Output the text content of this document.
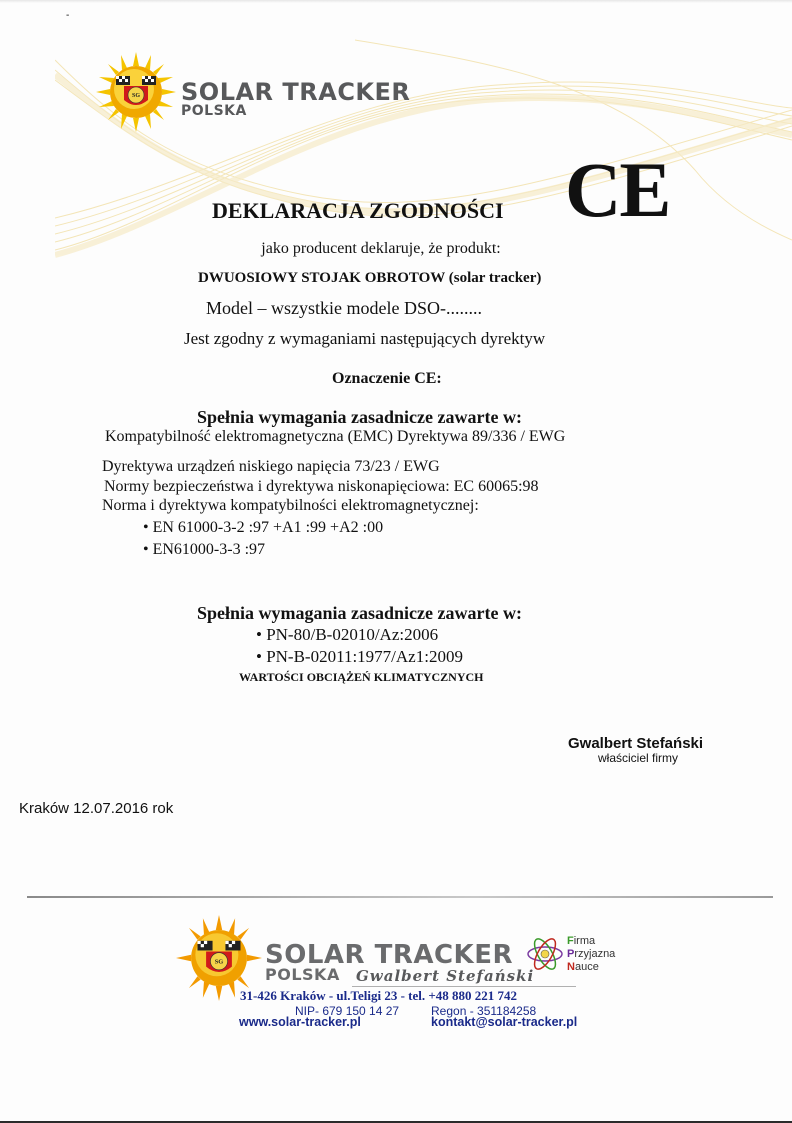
-
SG SOLAR TRACKER
POLSKA
DEKLARACJA ZGODNOŚCI CE
jako producent deklaruje, że produkt:
DWUOSIOWY STOJAK OBROTOW (solar tracker)
Model – wszystkie modele DSO-........
Jest zgodny z wymaganiami następujących dyrektyw
Oznaczenie CE:
Spełnia wymagania zasadnicze zawarte w:
Kompatybilność elektromagnetyczna (EMC) Dyrektywa 89/336 / EWG
Dyrektywa urządzeń niskiego napięcia 73/23 / EWG
Normy bezpieczeństwa i dyrektywa niskonapięciowa: EC 60065:98
Norma i dyrektywa kompatybilności elektromagnetycznej:
• EN 61000-3-2 :97 +A1 :99 +A2 :00
• EN61000-3-3 :97
Spełnia wymagania zasadnicze zawarte w:
• PN-80/B-02010/Az:2006
• PN-B-02011:1977/Az1:2009
WARTOŚCI OBCIĄŻEŃ KLIMATYCZNYCH
Gwalbert Stefański
właściciel firmy
Kraków 12.07.2016 rok
SG SOLAR TRACKER
POLSKA Gwalbert Stefański
Firma
Przyjazna
Nauce
31-426 Kraków - ul.Teligi 23 - tel. +48 880 221 742
NIP- 679 150 14 27	Regon - 351184258
www.solar-tracker.pl	kontakt@solar-tracker.pl
